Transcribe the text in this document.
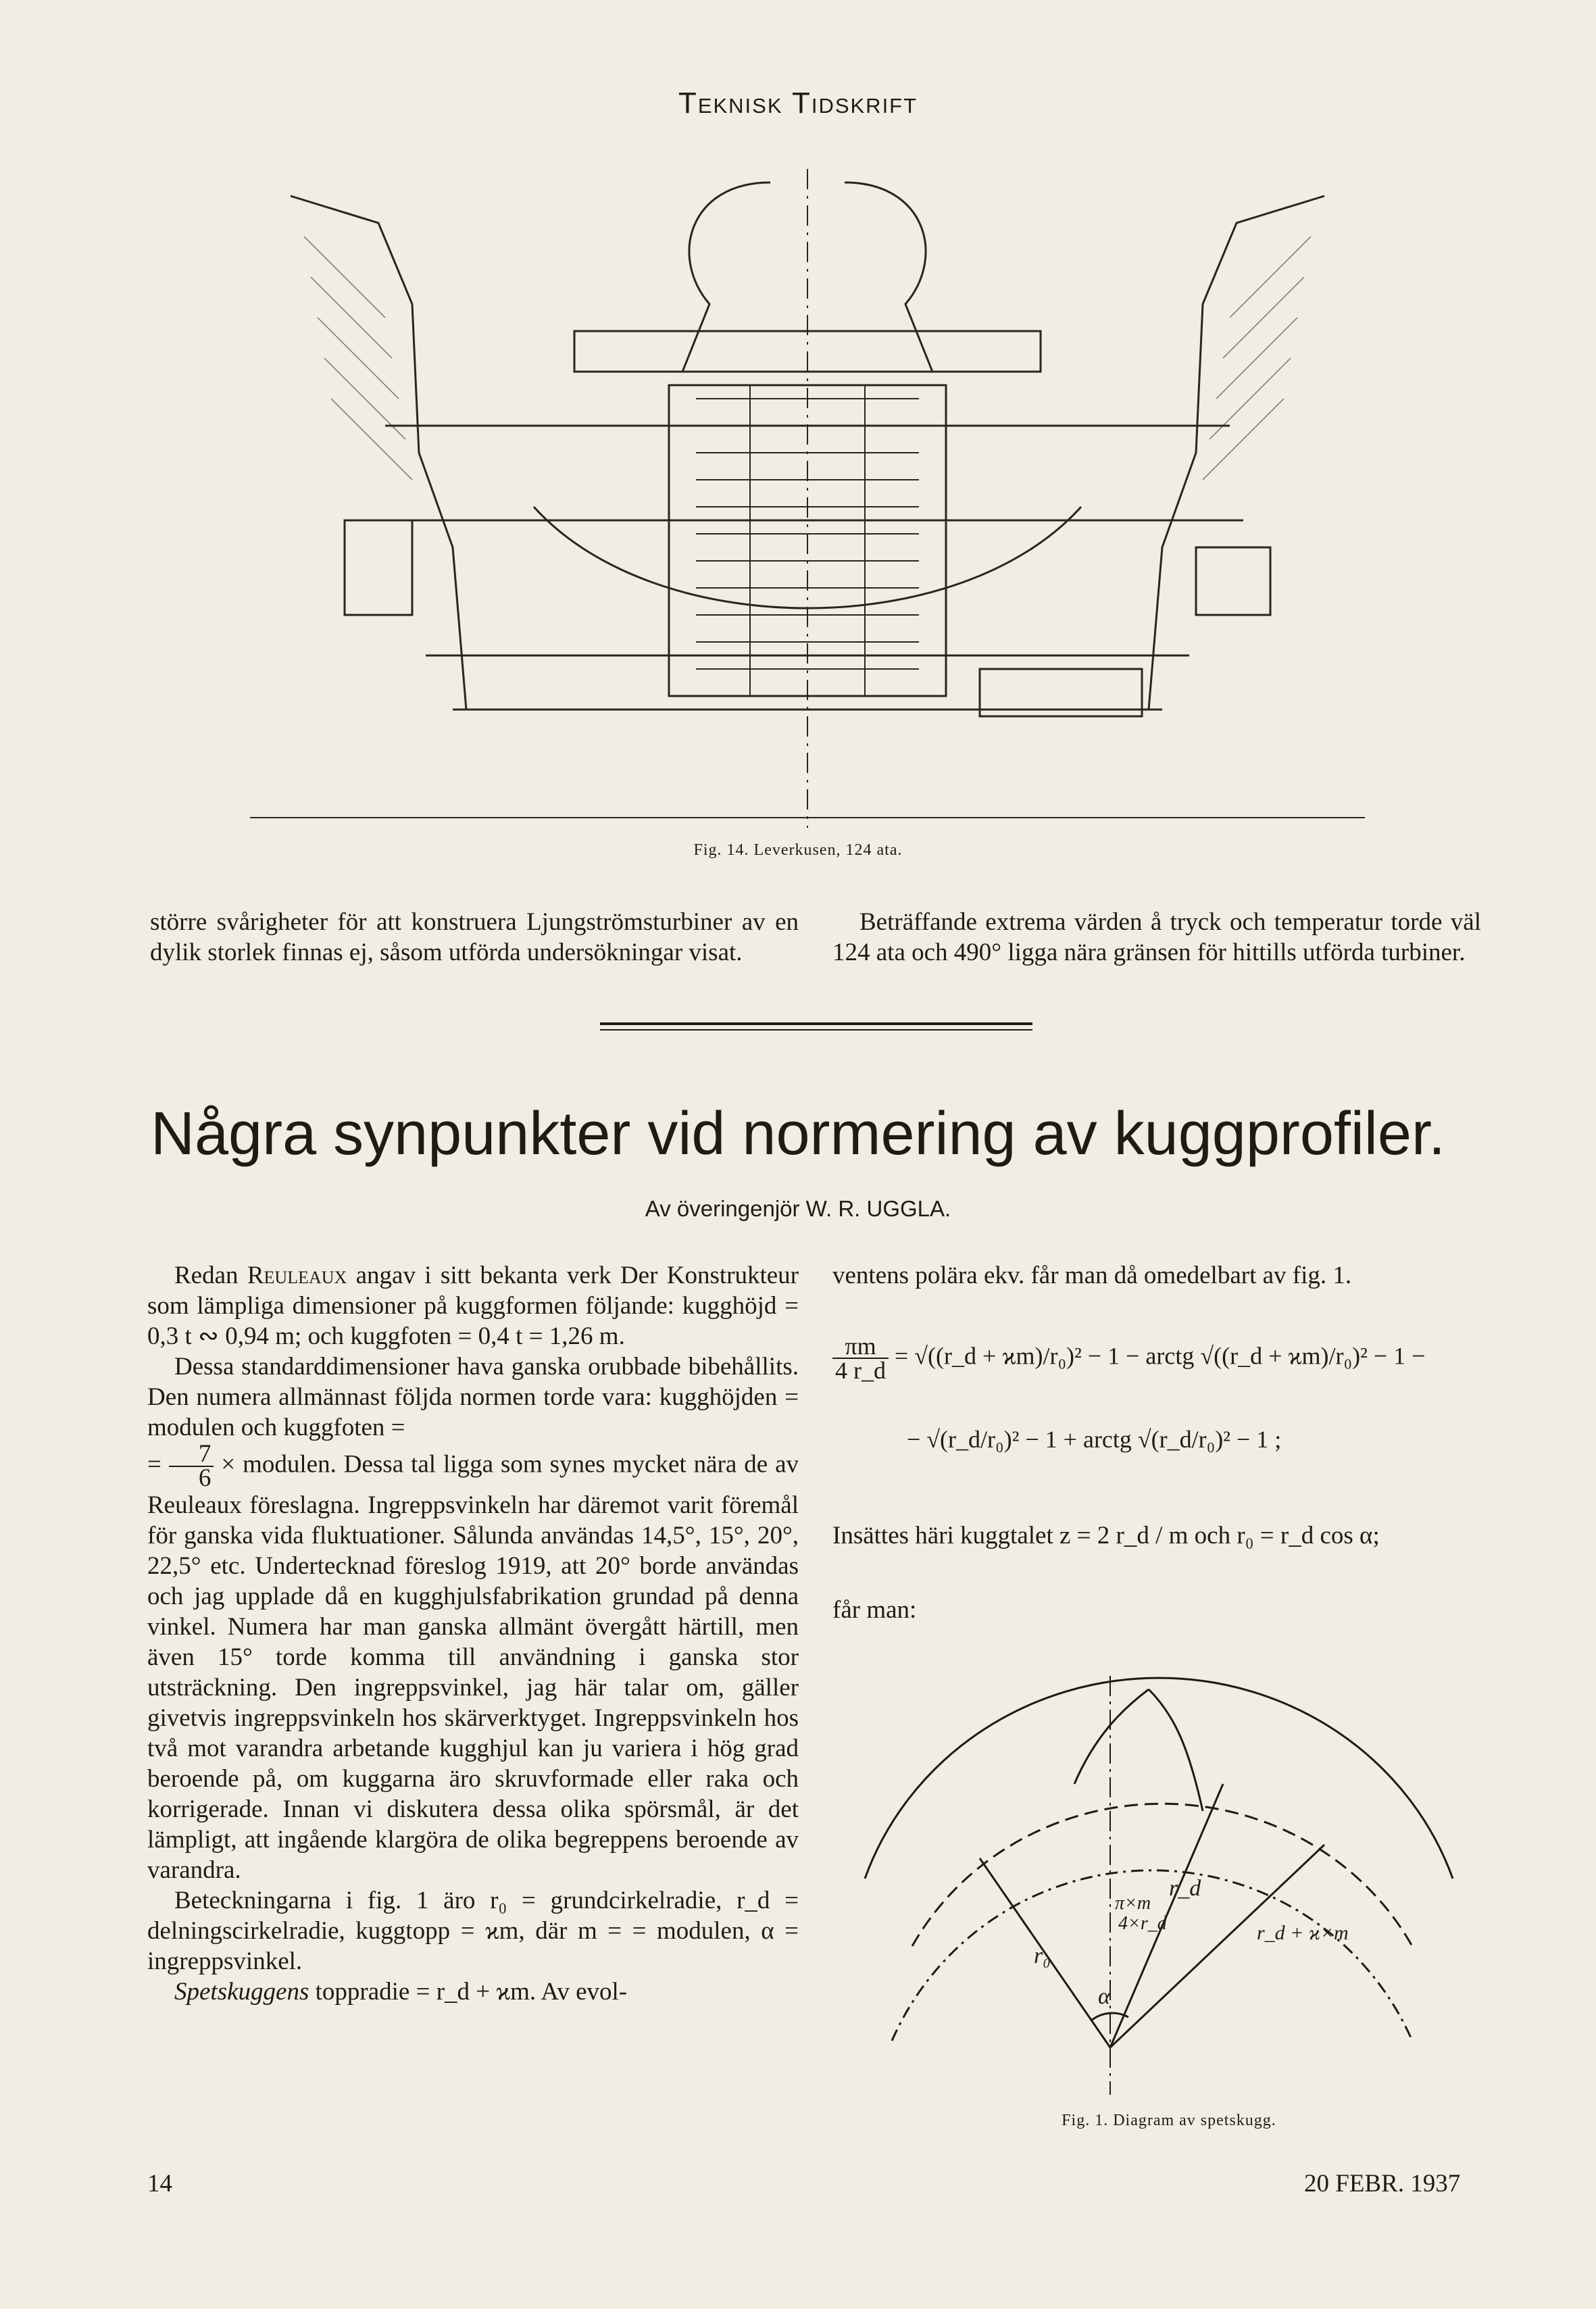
Teknisk Tidskrift
Fig. 14. Leverkusen, 124 ata.
större svårigheter för att konstruera Ljungströmsturbiner av en dylik storlek finnas ej, såsom utförda undersökningar visat.
Beträffande extrema värden å tryck och temperatur torde väl 124 ata och 490° ligga nära gränsen för hittills utförda turbiner.
Några synpunkter vid normering av kuggprofiler.
Av överingenjör W. R. UGGLA.

Redan Reuleaux angav i sitt bekanta verk Der Konstrukteur som lämpliga dimensioner på kuggformen följande: kugghöjd = 0,3 t ∾ 0,94 m; och kuggfoten = 0,4 t = 1,26 m.

Dessa standarddimensioner hava ganska orubbade bibehållits. Den numera allmännast följda normen torde vara: kugghöjden = modulen och kuggfoten =
= $\frac{7}{6}$ × modulen. Dessa tal ligga som synes mycket nära de av Reuleaux föreslagna. Ingreppsvinkeln har däremot varit föremål för ganska vida fluktuationer. Sålunda användas 14,5°, 15°, 20°, 22,5° etc. Undertecknad föreslog 1919, att 20° borde användas och jag upplade då en kugghjulsfabrikation grundad på denna vinkel. Numera har man ganska allmänt övergått härtill, men även 15° torde komma till användning i ganska stor utsträckning. Den ingreppsvinkel, jag här talar om, gäller givetvis ingreppsvinkeln hos skärverktyget. Ingreppsvinkeln hos två mot varandra arbetande kugghjul kan ju variera i hög grad beroende på, om kuggarna äro skruvformade eller raka och korrigerade. Innan vi diskutera dessa olika spörsmål, är det lämpligt, att ingående klargöra de olika begreppens beroende av varandra.

Beteckningarna i fig. 1 äro r₀ = grundcirkelradie, r_d = delningscirkelradie, kuggtopp = ϰm, där m = = modulen, α = ingreppsvinkel.

Spetskuggens toppradie = r_d + ϰm. Av evol-

ventens polära ekv. får man då omedelbart av fig. 1.
$\frac{\pi m}{4 r\_d}$ = √((r_d + ϰm)/r₀)² − 1 − arctg √((r_d + ϰm)/r₀)² − 1 −
− √(r_d/r₀)² − 1 + arctg √(r_d/r₀)² − 1 ;
Insättes häri kuggtalet z = 2 r_d / m och r₀ = r_d cos α;
får man:
r_d
r₀
α
π×m
4×r_d	r_d + ϰ×m
Fig. 1. Diagram av spetskugg.
14	20 FEBR. 1937
